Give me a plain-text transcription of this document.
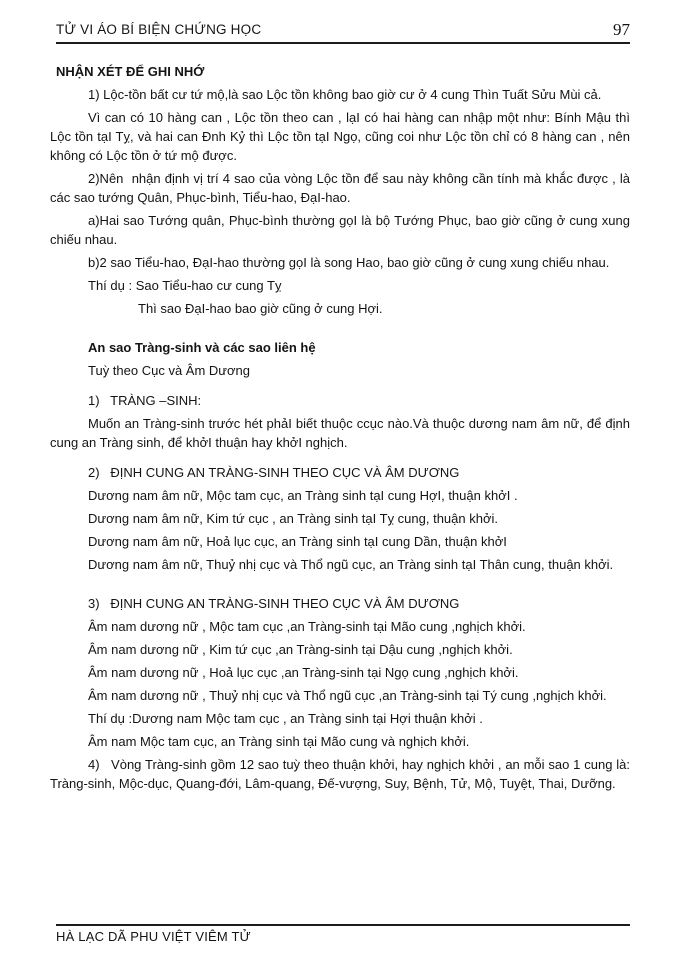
TỬ VI ÁO BÍ BIỆN CHỨNG HỌC	97

NHẬN XÉT ĐỂ GHI NHỚ

1) Lộc-tồn bất cư tứ mộ,là sao Lộc tồn không bao giờ cư ở 4 cung Thìn Tuất Sửu Mùi cả.

Vì can có 10 hàng can , Lộc tồn theo can , lạI có hai hàng can nhập một như: Bính Mậu thì Lộc tồn tạI Tỵ, và hai can Đnh Kỷ thì Lộc tồn tạI Ngọ, cũng coi như Lộc tồn chỉ có 8 hàng can , nên không có Lộc tồn ở tứ mộ được.

2)Nên  nhận định vị trí 4 sao của vòng Lộc tồn để sau này không cần tính mà khắc được , là các sao tướng Quân, Phục-bình, Tiểu-hao, ĐạI-hao.

a)Hai sao Tướng quân, Phục-bình thường gọI là bộ Tướng Phục, bao giờ cũng ở cung xung chiếu nhau.

b)2 sao Tiểu-hao, ĐạI-hao thường gọI là song Hao, bao giờ cũng ở cung xung chiếu nhau.

Thí dụ : Sao Tiểu-hao cư cung Tỵ

Thì sao ĐạI-hao bao giờ cũng ở cung Hợi.

An sao Tràng-sinh và các sao liên hệ

Tuỳ theo Cục và Âm Dương

1)   TRÀNG –SINH:

Muốn an Tràng-sinh trước hét phảI biết thuộc ccục nào.Và thuộc dương nam âm nữ, để định cung an Tràng sinh, để khởI thuận hay khởI nghịch.

2)   ĐỊNH CUNG AN TRÀNG-SINH THEO CỤC VÀ ÂM DƯƠNG

Dương nam âm nữ, Mộc tam cục, an Tràng sinh tạI cung HợI, thuận khởI .

Dương nam âm nữ, Kim tứ cục , an Tràng sinh tạI Tỵ cung, thuận khởi.

Dương nam âm nữ, Hoả lục cục, an Tràng sinh tạI cung Dần, thuận khởI

Dương nam âm nữ, Thuỷ nhị cục và Thổ ngũ cục, an Tràng sinh tạI Thân cung, thuận khởi.

3)   ĐỊNH CUNG AN TRÀNG-SINH THEO CỤC VÀ ÂM DƯƠNG

Âm nam dương nữ , Mộc tam cục ,an Tràng-sinh tại Mão cung ,nghịch khởi.

Âm nam dương nữ , Kim tứ cục ,an Tràng-sinh tại Dậu cung ,nghịch khởi.

Âm nam dương nữ , Hoả lục cục ,an Tràng-sinh tại Ngọ cung ,nghịch khởi.

Âm nam dương nữ , Thuỷ nhị cục và Thổ ngũ cục ,an Tràng-sinh tại Tý cung ,nghịch khởi.

Thí dụ :Dương nam Mộc tam cục , an Tràng sinh tại Hợi thuận khởi .

Âm nam Mộc tam cục, an Tràng sinh tại Mão cung và nghịch khởi.

4)   Vòng Tràng-sinh gồm 12 sao tuỳ theo thuận khởi, hay nghịch khởi , an mỗi sao 1 cung là: Tràng-sinh, Mộc-dục, Quang-đới, Lâm-quang, Đế-vượng, Suy, Bệnh, Tử, Mộ, Tuyệt, Thai, Dưỡng.

HÀ LẠC DÃ PHU VIỆT VIÊM TỬ
